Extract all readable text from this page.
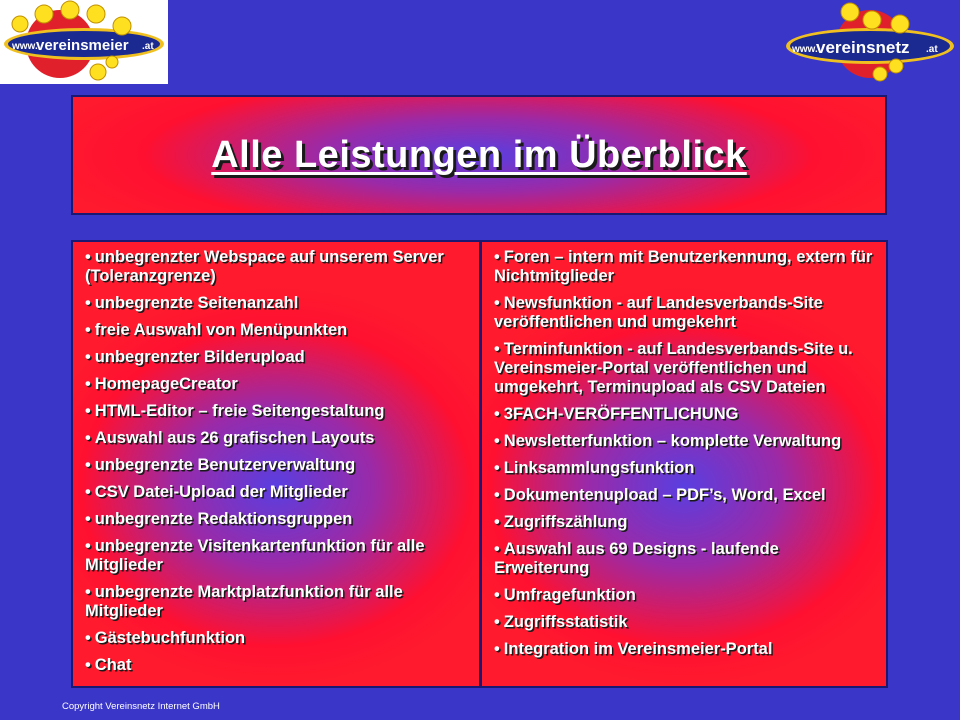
www.
vereinsmeier .at	www.
vereinsnetz .at
Alle Leistungen im Überblick
• unbegrenzter Webspace auf unserem Server (Toleranzgrenze)
• unbegrenzte Seitenanzahl
• freie Auswahl von Menüpunkten
• unbegrenzter Bilderupload
• HomepageCreator
• HTML-Editor – freie Seitengestaltung
• Auswahl aus 26 grafischen Layouts
• unbegrenzte Benutzerverwaltung
• CSV Datei-Upload der Mitglieder
• unbegrenzte Redaktionsgruppen
• unbegrenzte Visitenkartenfunktion für alle Mitglieder
• unbegrenzte Marktplatzfunktion für alle Mitglieder
• Gästebuchfunktion
• Chat
• Foren – intern mit Benutzerkennung, extern für Nichtmitglieder
• Newsfunktion - auf Landesverbands-Site veröffentlichen und umgekehrt
• Terminfunktion - auf Landesverbands-Site u. Vereinsmeier-Portal veröffentlichen und umgekehrt, Terminupload als CSV Dateien
• 3FACH-VERÖFFENTLICHUNG
• Newsletterfunktion – komplette Verwaltung
• Linksammlungsfunktion
• Dokumentenupload – PDF’s, Word, Excel
• Zugriffszählung
• Auswahl aus 69 Designs - laufende Erweiterung
• Umfragefunktion
• Zugriffsstatistik
• Integration im Vereinsmeier-Portal
Copyright Vereinsnetz Internet GmbH
